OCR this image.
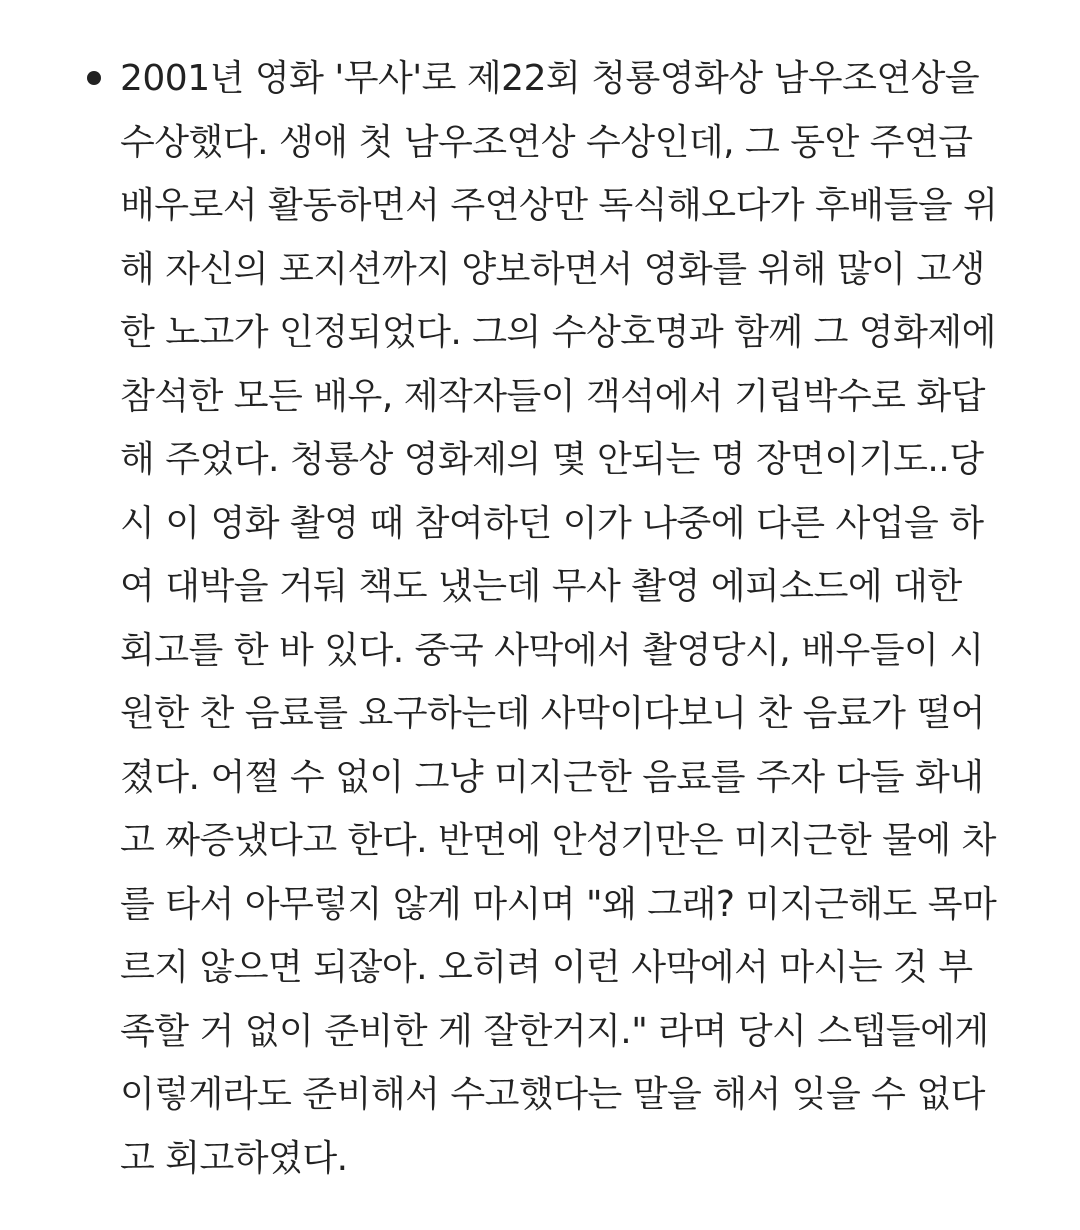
2001년 영화 '무사'로 제22회 청룡영화상 남우조연상을
수상했다. 생애 첫 남우조연상 수상인데, 그 동안 주연급
배우로서 활동하면서 주연상만 독식해오다가 후배들을 위
해 자신의 포지션까지 양보하면서 영화를 위해 많이 고생
한 노고가 인정되었다. 그의 수상호명과 함께 그 영화제에
참석한 모든 배우, 제작자들이 객석에서 기립박수로 화답
해 주었다. 청룡상 영화제의 몇 안되는 명 장면이기도..당
시 이 영화 촬영 때 참여하던 이가 나중에 다른 사업을 하
여 대박을 거둬 책도 냈는데 무사 촬영 에피소드에 대한
회고를 한 바 있다. 중국 사막에서 촬영당시, 배우들이 시
원한 찬 음료를 요구하는데 사막이다보니 찬 음료가 떨어
졌다. 어쩔 수 없이 그냥 미지근한 음료를 주자 다들 화내
고 짜증냈다고 한다. 반면에 안성기만은 미지근한 물에 차
를 타서 아무렇지 않게 마시며 "왜 그래? 미지근해도 목마
르지 않으면 되잖아. 오히려 이런 사막에서 마시는 것 부
족할 거 없이 준비한 게 잘한거지." 라며 당시 스텝들에게
이렇게라도 준비해서 수고했다는 말을 해서 잊을 수 없다
고 회고하였다.
